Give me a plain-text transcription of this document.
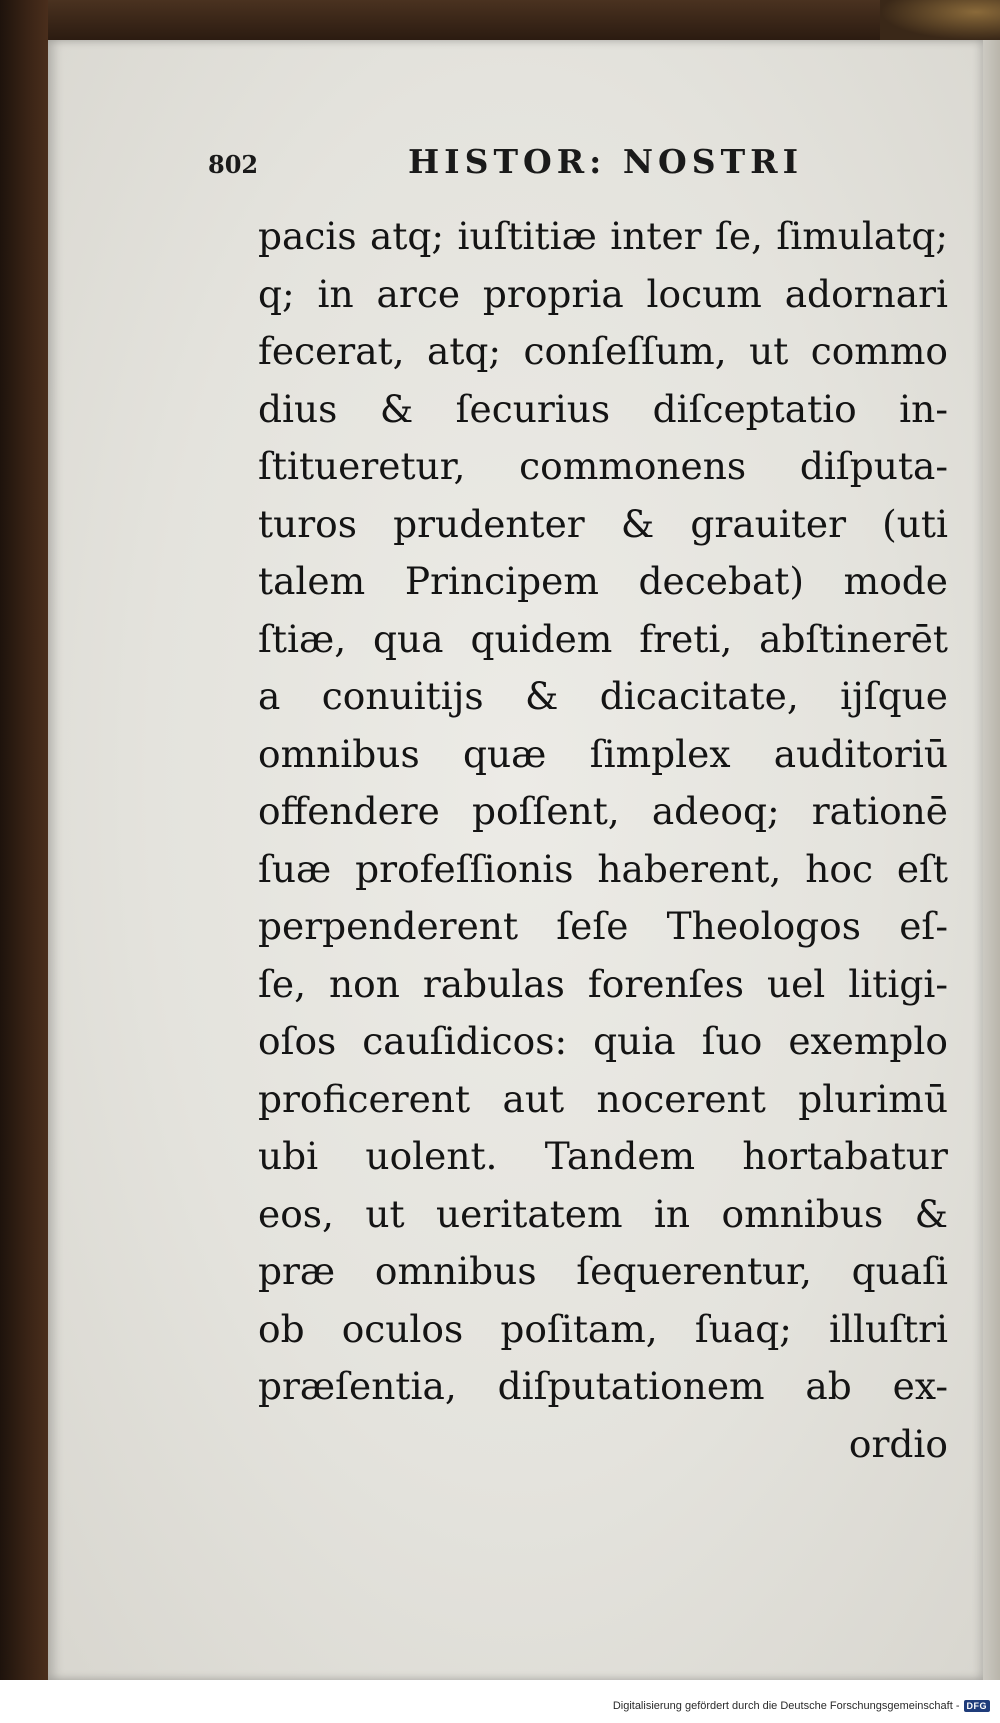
802	HISTOR: NOSTRI
pacis atq; iuſtitiæ inter ſe, ſimulatq;
q; in arce propria locum adornari
fecerat, atq; conſeſſum, ut commo
dius & ſecurius diſceptatio in-
ſtitueretur, commonens diſputa-
turos prudenter & grauiter (uti
talem Principem decebat) mode
ſtiæ, qua quidem freti, abſtinerēt
a conuitijs & dicacitate, ijſque
omnibus quæ ſimplex auditoriū
offendere poſſent, adeoq; rationē
ſuæ profeſſionis haberent, hoc eſt
perpenderent ſeſe Theologos eſ-
ſe, non rabulas forenſes uel litigi-
oſos cauſidicos: quia ſuo exemplo
proficerent aut nocerent plurimū
ubi uolent. Tandem hortabatur
eos, ut ueritatem in omnibus &
præ omnibus ſequerentur, quaſi
ob oculos poſitam, ſuaq; illuſtri
præſentia, diſputationem ab ex-
ordio
Digitalisierung gefördert durch die Deutsche Forschungsgemeinschaft - DFG
